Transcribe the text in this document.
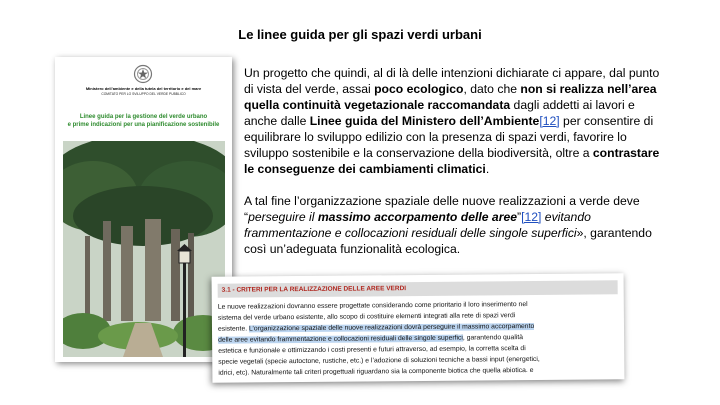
Le linee guida per gli spazi verdi urbani
Ministero dell’ambiente e della tutela del territorio e del mare
COMITATO PER LO SVILUPPO DEL VERDE PUBBLICO
Linee guida per la gestione del verde urbano
e prime indicazioni per una pianificazione sostenibile

Un progetto che quindi, al di là delle intenzioni dichiarate ci appare, dal punto di vista del verde, assai poco ecologico, dato che non si realizza nell’area quella continuità vegetazionale raccomandata dagli addetti ai lavori e anche dalle Linee guida del Ministero dell’Ambiente[12] per consentire di equilibrare lo sviluppo edilizio con la presenza di spazi verdi, favorire lo sviluppo sostenibile e la conservazione della biodiversità, oltre a contrastare le conseguenze dei cambiamenti climatici.

A tal fine l’organizzazione spaziale delle nuove realizzazioni a verde deve “perseguire il massimo accorpamento delle aree”[12] evitando frammentazione e collocazioni residuali delle singole superfici», garantendo così un’adeguata funzionalità ecologica.

3.1 - CRITERI PER LA REALIZZAZIONE DELLE AREE VERDI
Le nuove realizzazioni dovranno essere progettate considerando come prioritario il loro inserimento nel
sistema del verde urbano esistente, allo scopo di costituire elementi integrati alla rete di spazi verdi
esistente. L’organizzazione spaziale delle nuove realizzazioni dovrà perseguire il massimo accorpamento
delle aree evitando frammentazione e collocazioni residuali delle singole superfici, garantendo qualità
estetica e funzionale e ottimizzando i costi presenti e futuri attraverso, ad esempio, la corretta scelta di
specie vegetali (specie autoctone, rustiche, etc.) e l’adozione di soluzioni tecniche a bassi input (energetici,
idrici, etc). Naturalmente tali criteri progettuali riguardano sia la componente biotica che quella abiotica. e
